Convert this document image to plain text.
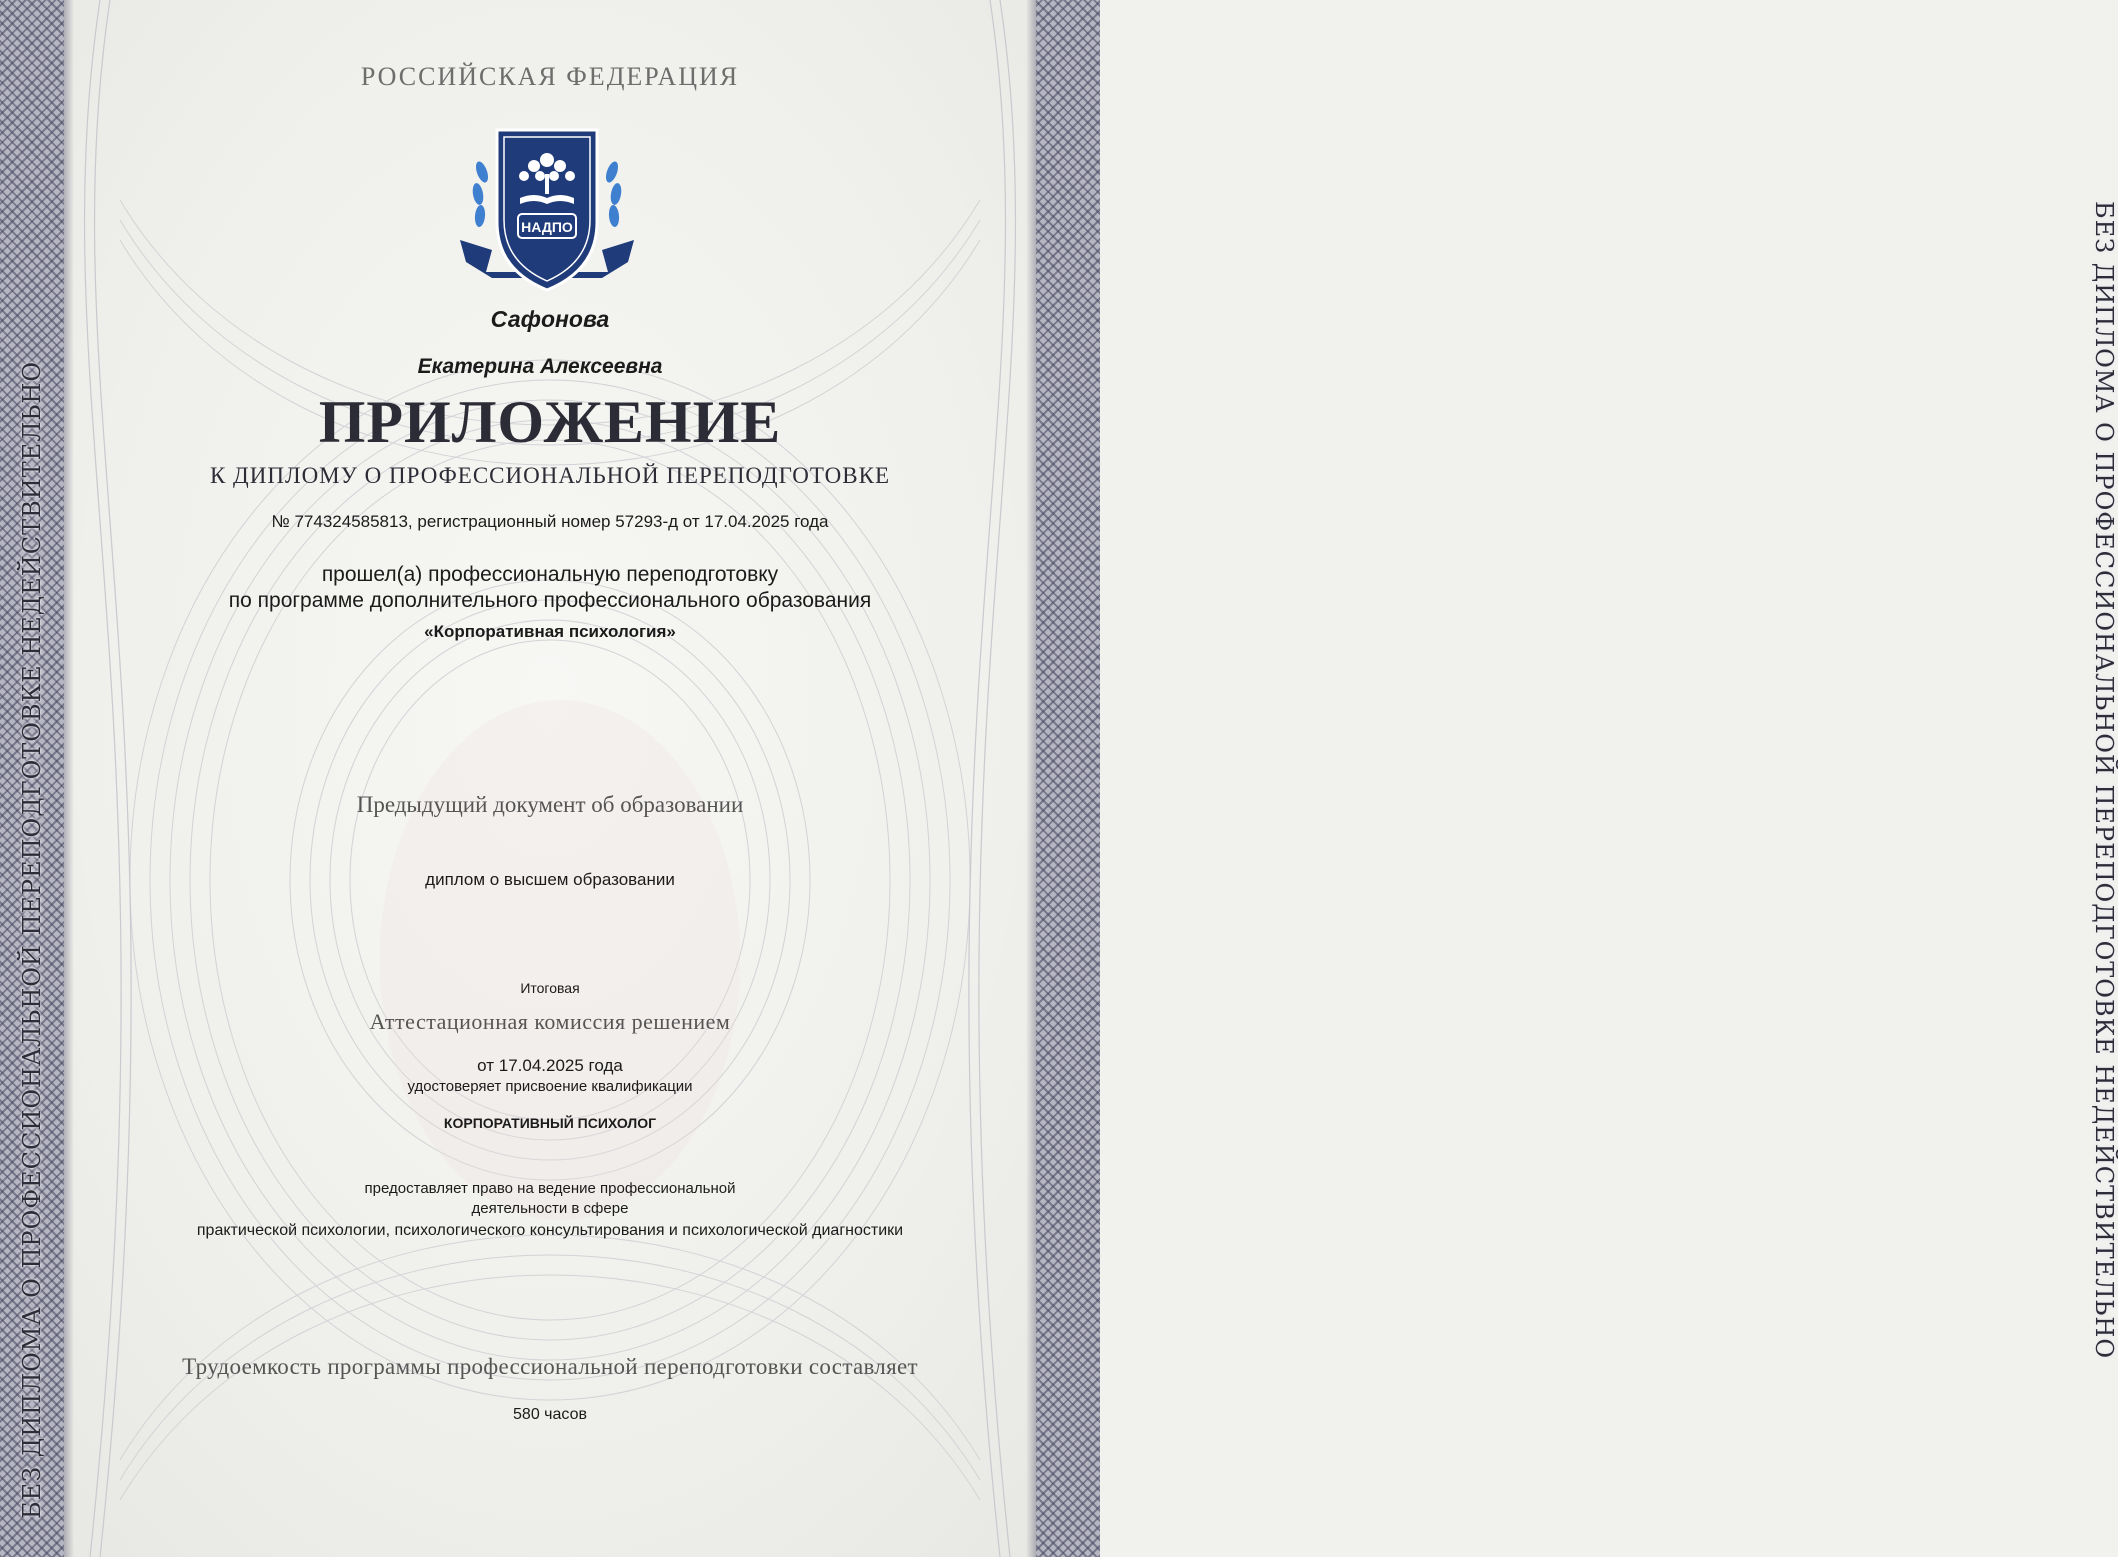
БЕЗ ДИПЛОМА О ПРОФЕССИОНАЛЬНОЙ ПЕРЕПОДГОТОВКЕ НЕДЕЙСТВИТЕЛЬНО	БЕЗ ДИПЛОМА О ПРОФЕССИОНАЛЬНОЙ ПЕРЕПОДГОТОВКЕ НЕДЕЙСТВИТЕЛЬНО
РОССИЙСКАЯ ФЕДЕРАЦИЯ
НАДПО
Сафонова
Екатерина Алексеевна
ПРИЛОЖЕНИЕ
К ДИПЛОМУ О ПРОФЕССИОНАЛЬНОЙ ПЕРЕПОДГОТОВКЕ
№ 774324585813, регистрационный номер 57293-д от 17.04.2025 года
прошел(а) профессиональную переподготовку
по программе дополнительного профессионального образования
«Корпоративная психология»
Предыдущий документ об образовании
диплом о высшем образовании
Итоговая
Аттестационная комиссия решением
от 17.04.2025 года
удостоверяет присвоение квалификации
КОРПОРАТИВНЫЙ ПСИХОЛОГ
предоставляет право на ведение профессиональной
деятельности в сфере
практической психологии, психологического консультирования и психологической диагностики
Трудоемкость программы профессиональной переподготовки составляет
580 часов
